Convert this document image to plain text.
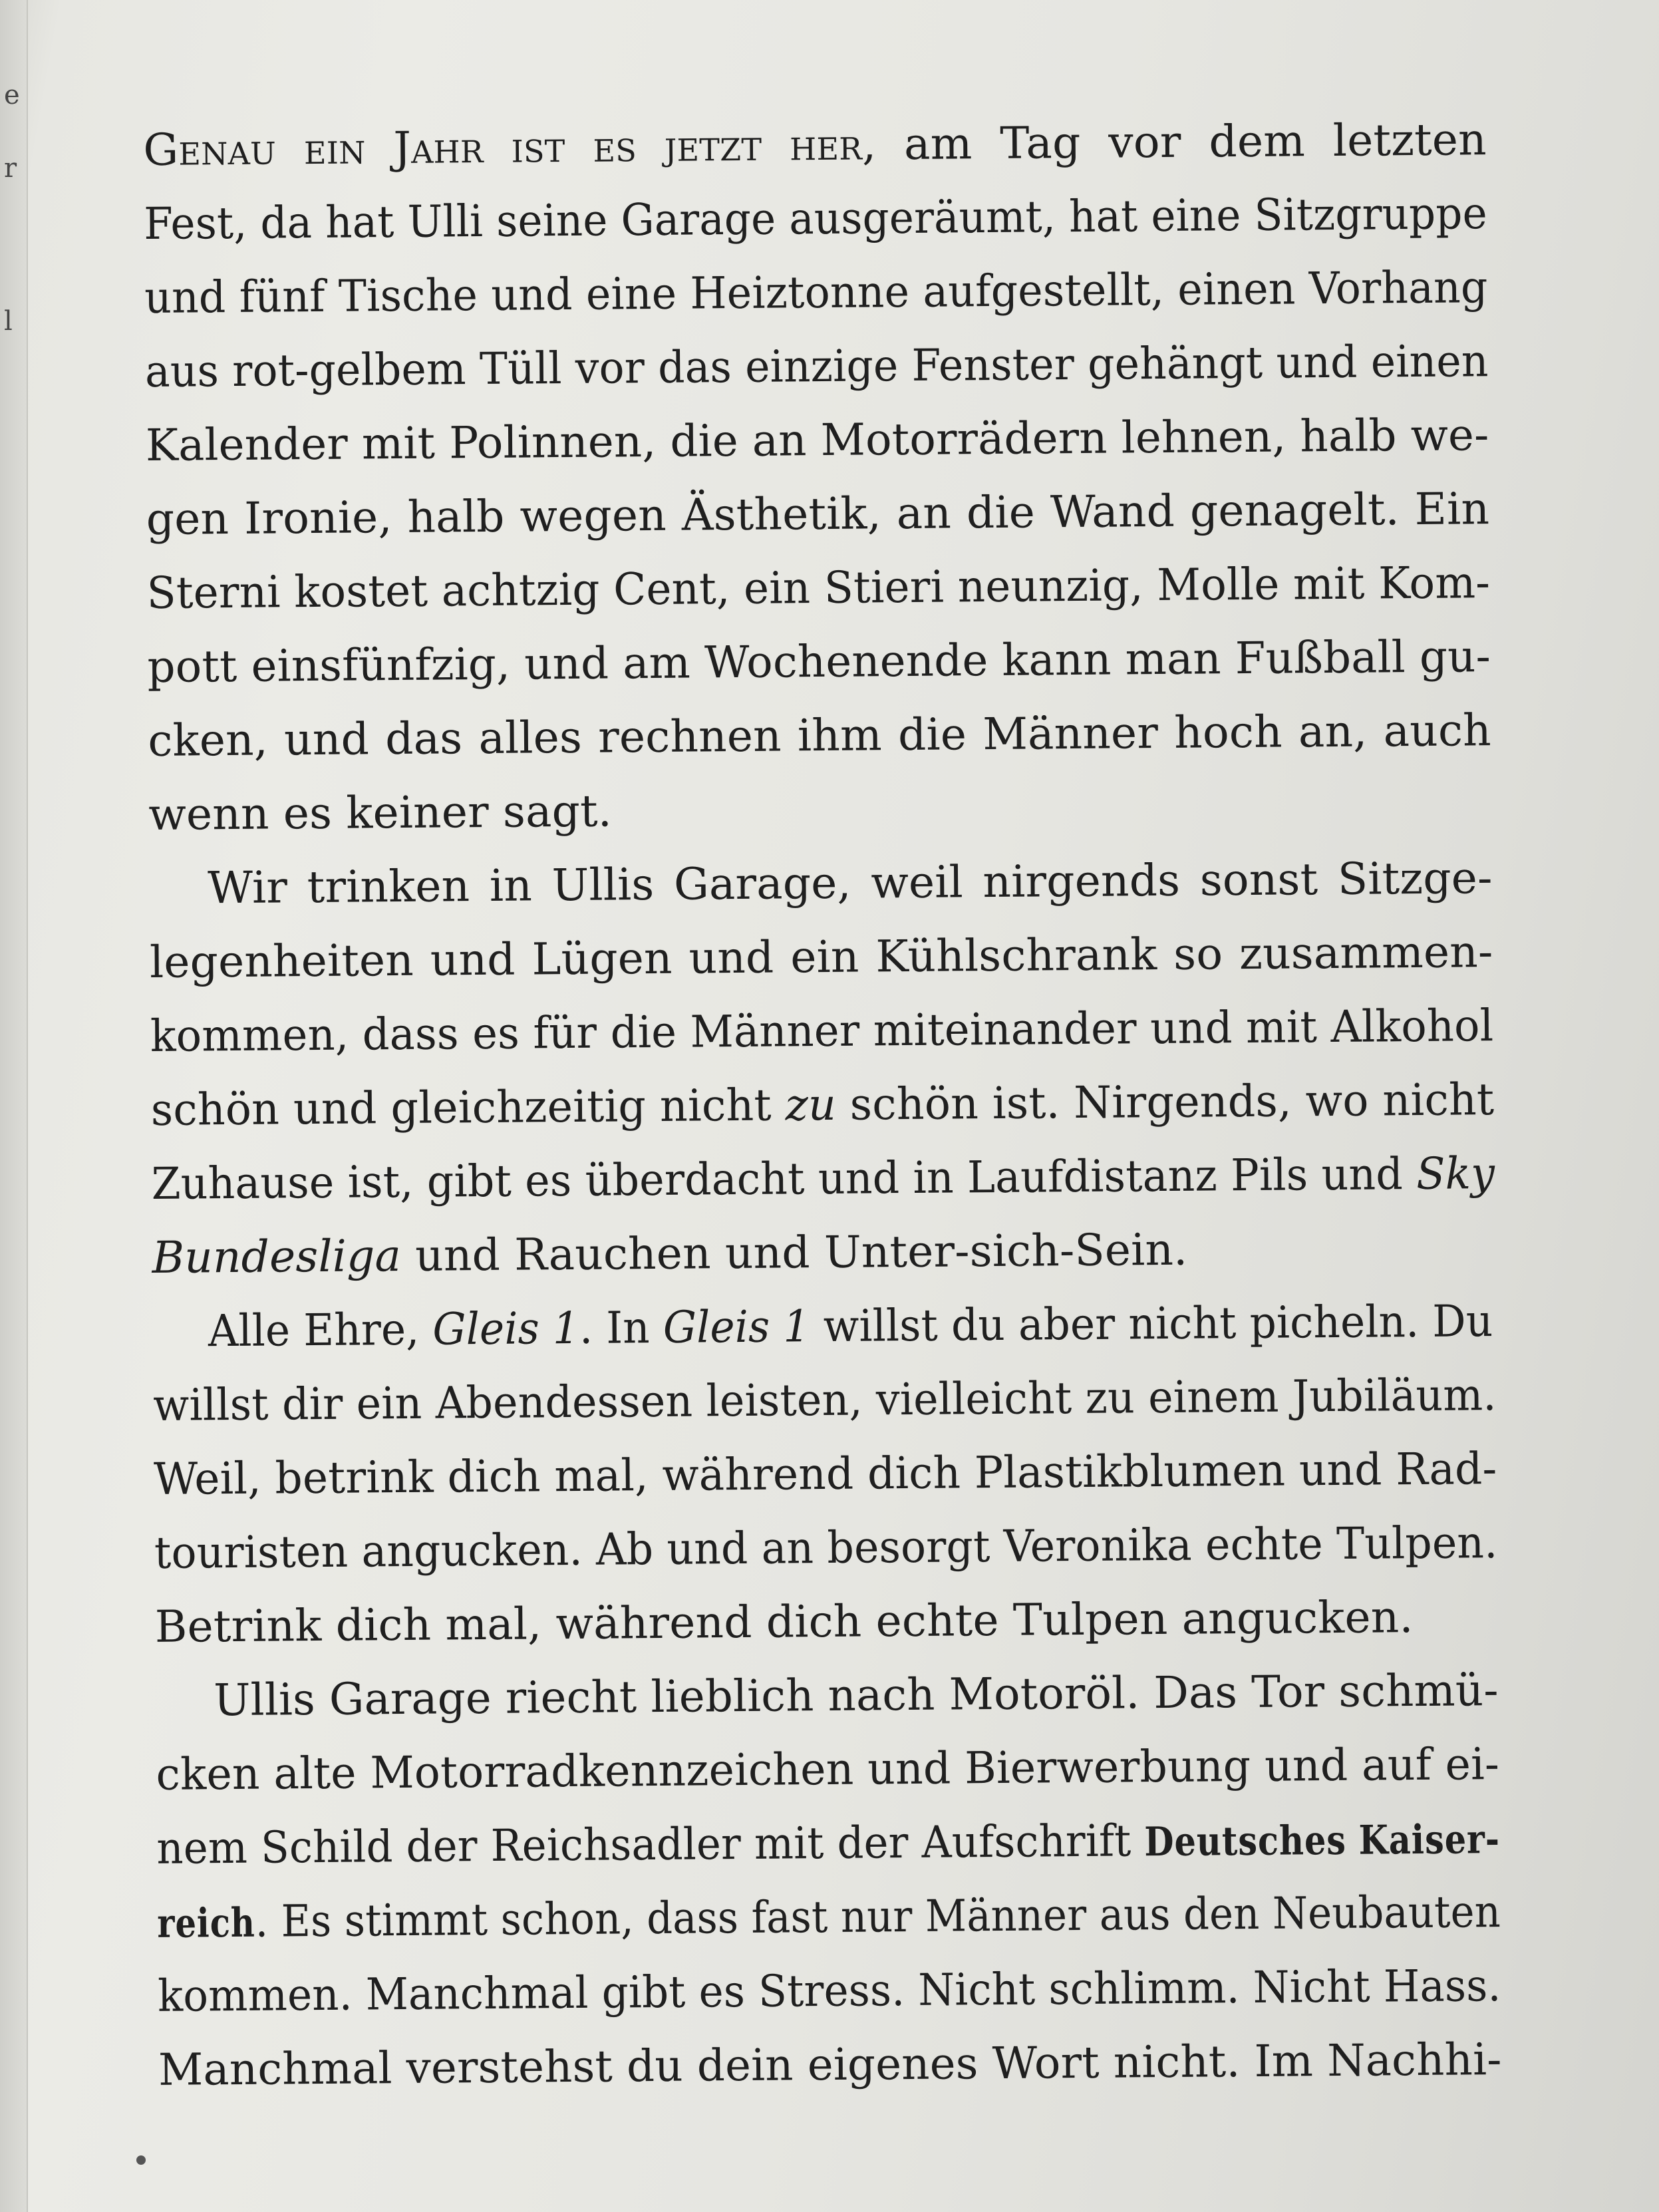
e
r
l

Genau ein Jahr ist es jetzt her, am Tag vor dem letzten
Fest, da hat Ulli seine Garage ausgeräumt, hat eine Sitzgruppe
und fünf Tische und eine Heiztonne aufgestellt, einen Vorhang
aus rot-gelbem Tüll vor das einzige Fenster gehängt und einen
Kalender mit Polinnen, die an Motorrädern lehnen, halb we-
gen Ironie, halb wegen Ästhetik, an die Wand genagelt. Ein
Sterni kostet achtzig Cent, ein Stieri neunzig, Molle mit Kom-
pott einsfünfzig, und am Wochenende kann man Fußball gu-
cken, und das alles rechnen ihm die Männer hoch an, auch
wenn es keiner sagt.
Wir trinken in Ullis Garage, weil nirgends sonst Sitzge-
legenheiten und Lügen und ein Kühlschrank so zusammen-
kommen, dass es für die Männer miteinander und mit Alkohol
schön und gleichzeitig nicht zu schön ist. Nirgends, wo nicht
Zuhause ist, gibt es überdacht und in Laufdistanz Pils und Sky
Bundesliga und Rauchen und Unter-sich-Sein.
Alle Ehre, Gleis 1. In Gleis 1 willst du aber nicht picheln. Du
willst dir ein Abendessen leisten, vielleicht zu einem Jubiläum.
Weil, betrink dich mal, während dich Plastikblumen und Rad-
touristen angucken. Ab und an besorgt Veronika echte Tulpen.
Betrink dich mal, während dich echte Tulpen angucken.
Ullis Garage riecht lieblich nach Motoröl. Das Tor schmü-
cken alte Motorradkennzeichen und Bierwerbung und auf ei-
nem Schild der Reichsadler mit der Aufschrift Deutsches Kaiser-
reich. Es stimmt schon, dass fast nur Männer aus den Neubauten
kommen. Manchmal gibt es Stress. Nicht schlimm. Nicht Hass.
Manchmal verstehst du dein eigenes Wort nicht. Im Nachhi-
